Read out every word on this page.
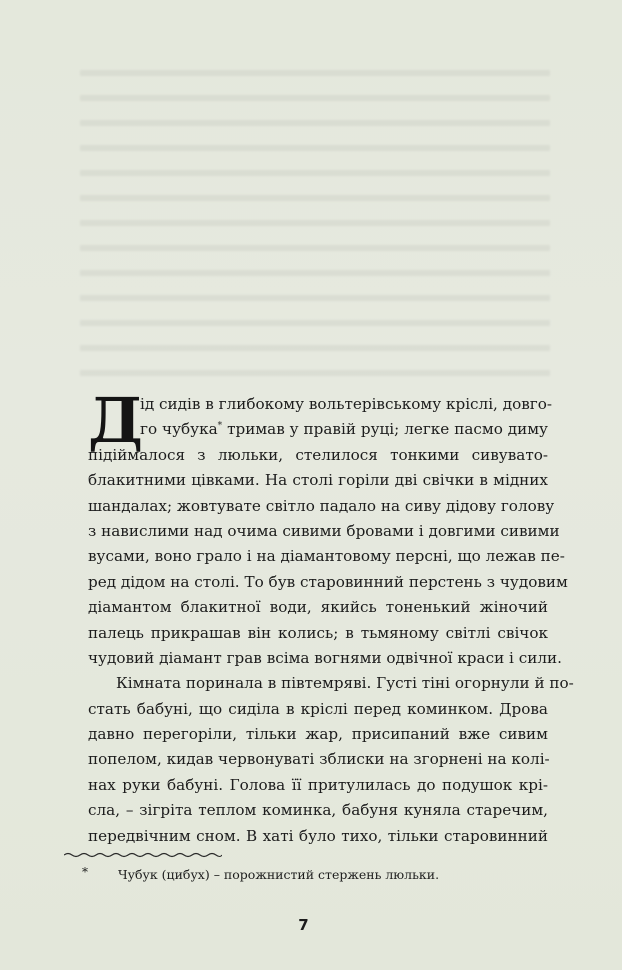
Д
ід сидів в глибокому вольтерівському кріслі, довго-
го чубука* тримав у правій руці; легке пасмо диму
підіймалося з люльки, стелилося тонкими сивувато-
блакитними цівками. На столі горіли дві свічки в мідних
шандалах; жовтувате світло падало на сиву дідову голову
з навислими над очима сивими бровами і довгими сивими
вусами, воно грало і на діамантовому персні, що лежав пе-
ред дідом на столі. То був старовинний перстень з чудовим
діамантом блакитної води, якийсь тоненький жіночий
палець прикрашав він колись; в тьмяному світлі свічок
чудовий діамант грав всіма вогнями одвічної краси і сили.
Кімната поринала в півтемряві. Густі тіні огорнули й по-
стать бабуні, що сиділа в кріслі перед коминком. Дрова
давно перегоріли, тільки жар, присипаний вже сивим
попелом, кидав червонуваті зблиски на згорнені на колі-
нах руки бабуні. Голова її притулилась до подушок крі-
сла, – зігріта теплом коминка, бабуня куняла старечим,
передвічним сном. В хаті було тихо, тільки старовинний
* Чубук (цибух) – порожнистий стержень люльки.
7
